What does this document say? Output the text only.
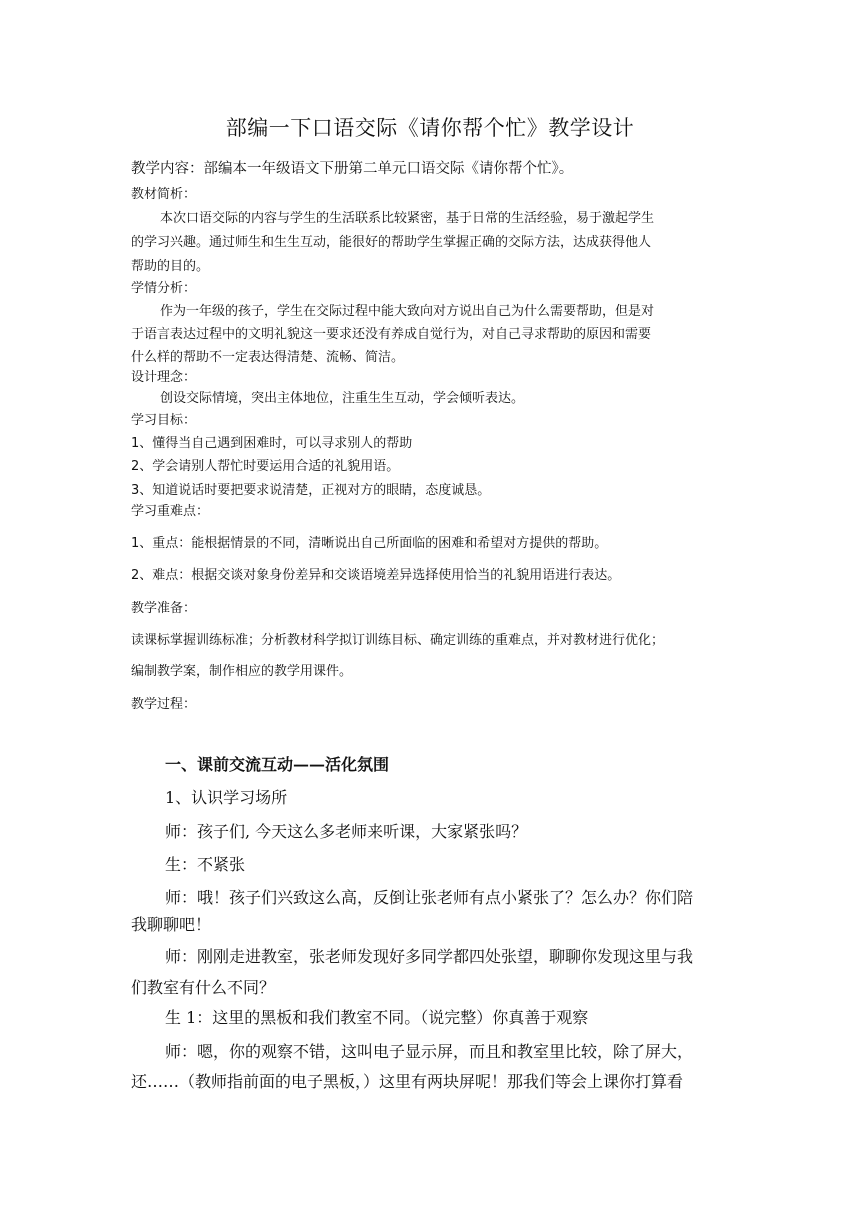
部编一下口语交际《请你帮个忙》教学设计
教学内容：部编本一年级语文下册第二单元口语交际《请你帮个忙》。
教材简析：
本次口语交际的内容与学生的生活联系比较紧密，基于日常的生活经验，易于激起学生
的学习兴趣。通过师生和生生互动，能很好的帮助学生掌握正确的交际方法，达成获得他人
帮助的目的。
学情分析：
作为一年级的孩子，学生在交际过程中能大致向对方说出自己为什么需要帮助，但是对
于语言表达过程中的文明礼貌这一要求还没有养成自觉行为，对自己寻求帮助的原因和需要
什么样的帮助不一定表达得清楚、流畅、简洁。
设计理念：
创设交际情境，突出主体地位，注重生生互动，学会倾听表达。
学习目标：
1、懂得当自己遇到困难时，可以寻求别人的帮助
2、学会请别人帮忙时要运用合适的礼貌用语。
3、知道说话时要把要求说清楚，正视对方的眼睛，态度诚恳。
学习重难点：
1、重点：能根据情景的不同，清晰说出自己所面临的困难和希望对方提供的帮助。
2、难点：根据交谈对象身份差异和交谈语境差异选择使用恰当的礼貌用语进行表达。
教学准备：
读课标掌握训练标准；分析教材科学拟订训练目标、确定训练的重难点，并对教材进行优化；
编制教学案，制作相应的教学用课件。
教学过程：
一、课前交流互动——活化氛围
1、认识学习场所
师：孩子们, 今天这么多老师来听课，大家紧张吗？
生：不紧张
师：哦！孩子们兴致这么高，反倒让张老师有点小紧张了？怎么办？你们陪
我聊聊吧！
师：刚刚走进教室，张老师发现好多同学都四处张望，聊聊你发现这里与我
们教室有什么不同？
生 1：这里的黑板和我们教室不同。（说完整）你真善于观察
师：嗯，你的观察不错，这叫电子显示屏，而且和教室里比较，除了屏大，
还……（教师指前面的电子黑板，）这里有两块屏呢！那我们等会上课你打算看
